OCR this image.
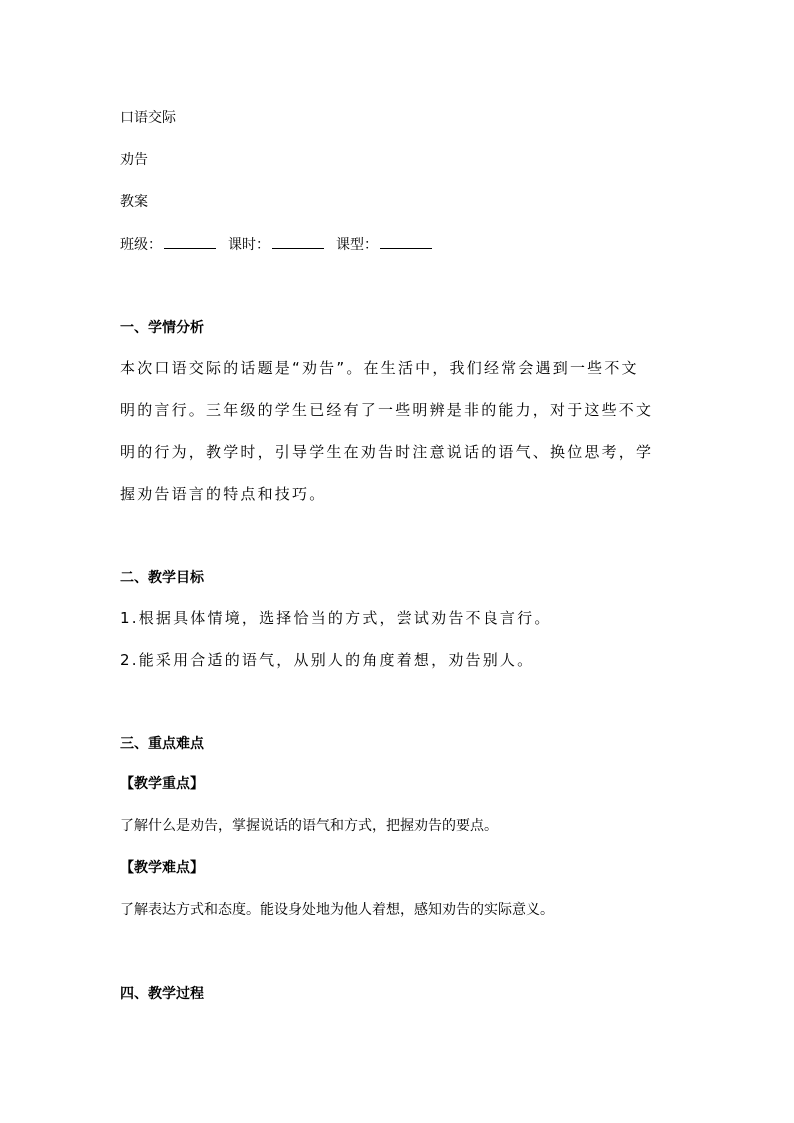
口语交际
劝告
教案
班级：	课时：	课型：
一、学情分析
本次口语交际的话题是“劝告”。在生活中，我们经常会遇到一些不文
明的言行。三年级的学生已经有了一些明辨是非的能力，对于这些不文
明的行为，教学时，引导学生在劝告时注意说话的语气、换位思考，学
握劝告语言的特点和技巧。
二、教学目标
1.根据具体情境，选择恰当的方式，尝试劝告不良言行。
2.能采用合适的语气，从别人的角度着想，劝告别人。
三、重点难点
【教学重点】
了解什么是劝告，掌握说话的语气和方式，把握劝告的要点。
【教学难点】
了解表达方式和态度。能设身处地为他人着想，感知劝告的实际意义。
四、教学过程
